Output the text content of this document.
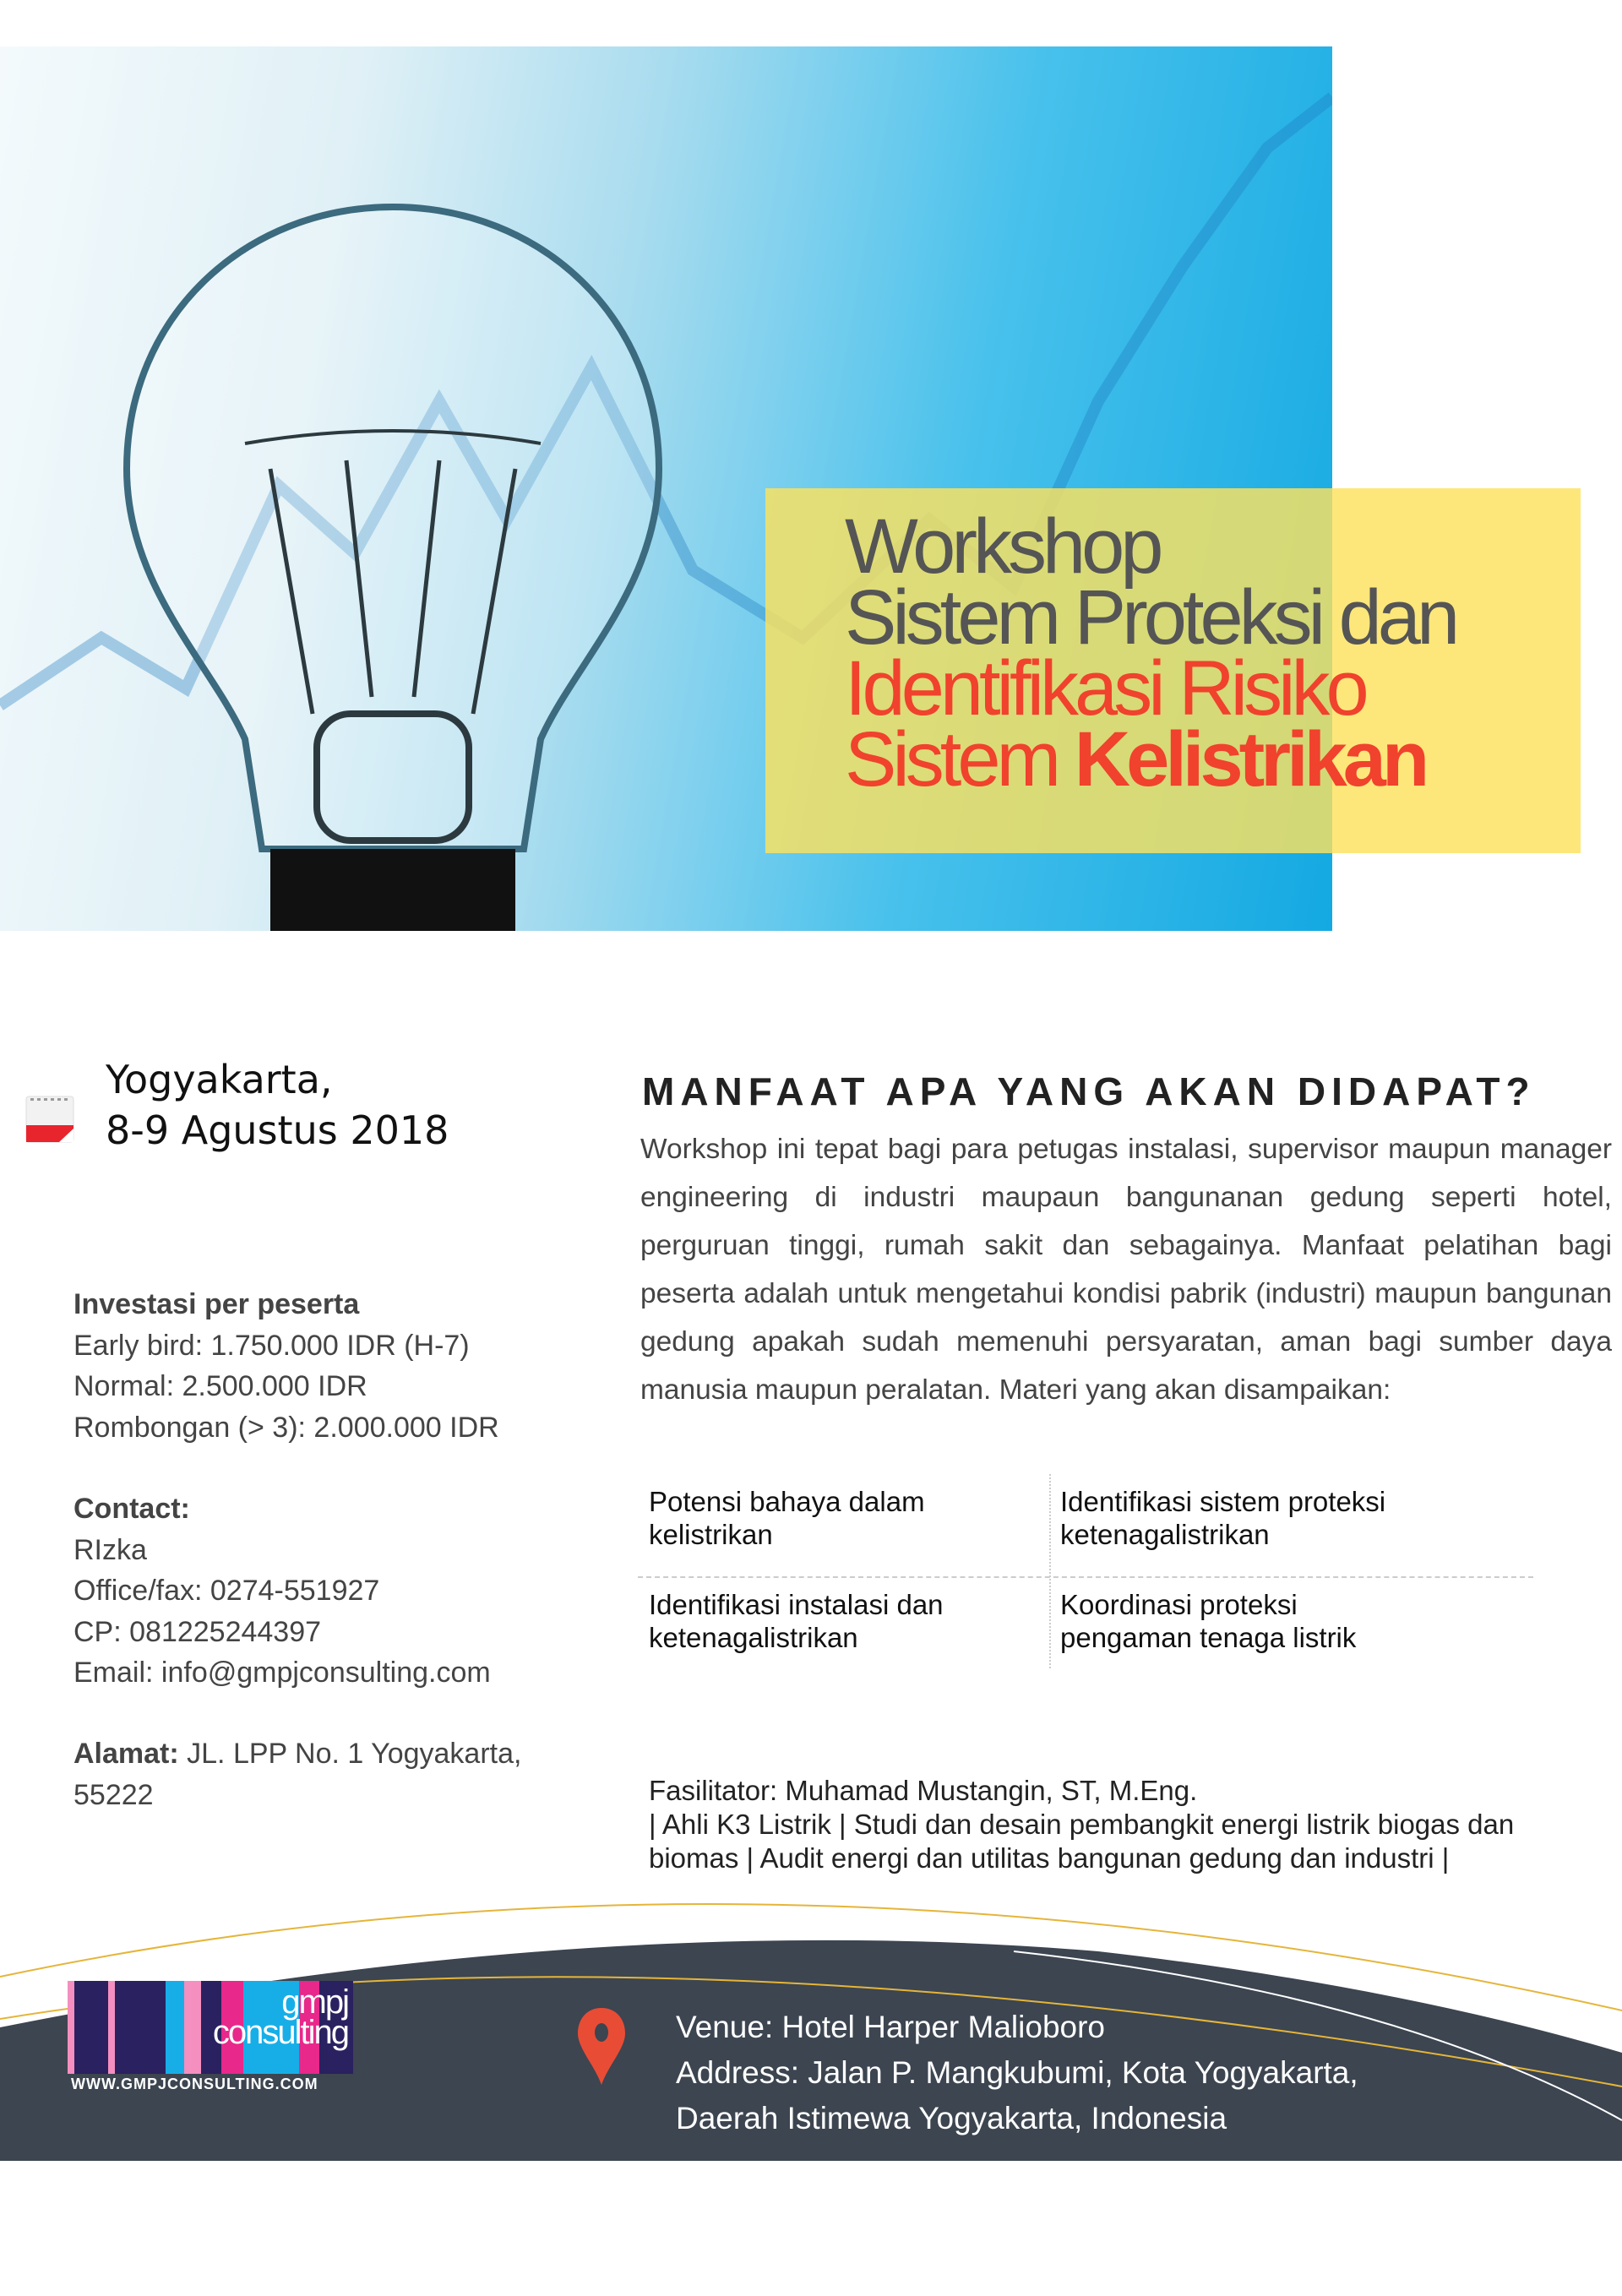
Workshop
Sistem Proteksi dan
Identifikasi Risiko
Sistem Kelistrikan
Yogyakarta,
8-9 Agustus 2018
Investasi per peserta
Early bird: 1.750.000 IDR (H-7)
Normal: 2.500.000 IDR
Rombongan (> 3): 2.000.000 IDR
Contact:
RIzka
Office/fax: 0274-551927
CP: 081225244397
Email: info@gmpjconsulting.com
Alamat: JL. LPP No. 1 Yogyakarta, 55222
MANFAAT APA YANG AKAN DIDAPAT?
Workshop ini tepat bagi para petugas instalasi, supervisor maupun manager engineering di industri maupaun bangunanan gedung seperti hotel, perguruan tinggi, rumah sakit dan sebagainya. Manfaat pelatihan bagi peserta adalah untuk mengetahui kondisi pabrik (industri) maupun bangunan gedung apakah sudah memenuhi persyaratan, aman bagi sumber daya manusia maupun peralatan. Materi yang akan disampaikan:
Potensi bahaya dalam kelistrikan
Identifikasi sistem proteksi ketenagalistrikan
Identifikasi instalasi dan ketenagalistrikan
Koordinasi proteksi pengaman tenaga listrik
Fasilitator: Muhamad Mustangin, ST, M.Eng.
| Ahli K3 Listrik | Studi dan desain pembangkit energi listrik biogas dan biomas | Audit energi dan utilitas bangunan gedung dan industri |
gmpj
consulting
WWW.GMPJCONSULTING.COM
Venue: Hotel Harper Malioboro
Address: Jalan P. Mangkubumi, Kota Yogyakarta,
Daerah Istimewa Yogyakarta, Indonesia
